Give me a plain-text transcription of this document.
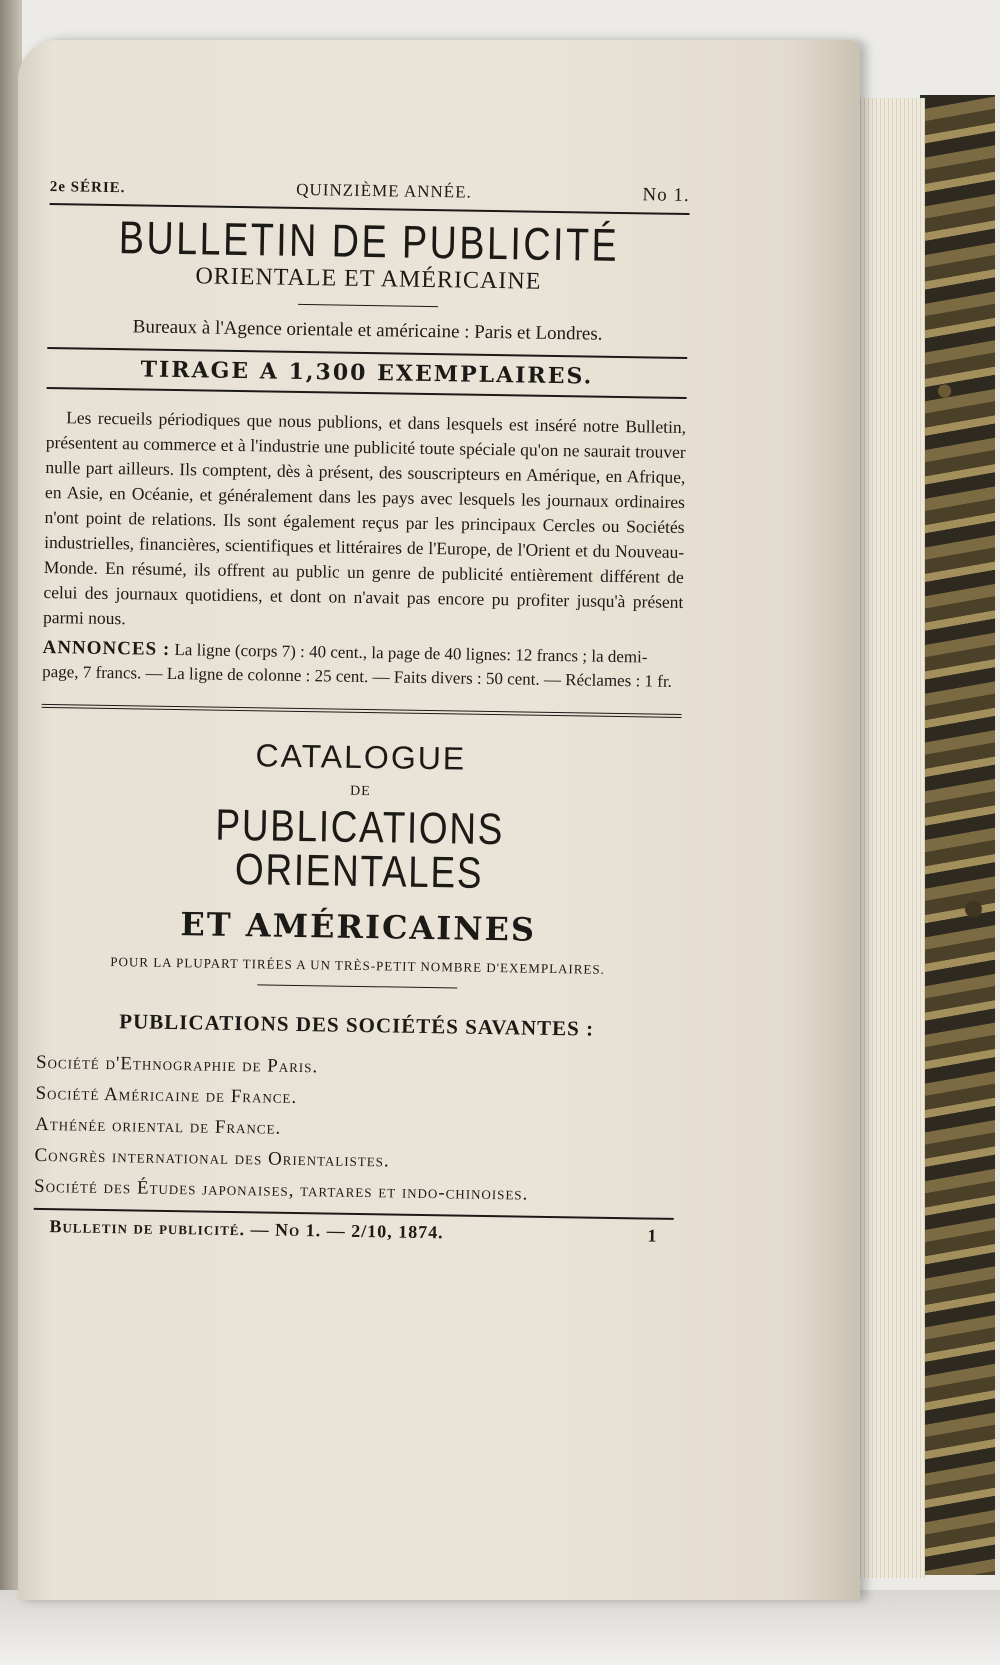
2e SÉRIE.	QUINZIÈME ANNÉE.	No 1.
BULLETIN DE PUBLICITÉ
ORIENTALE ET AMÉRICAINE
Bureaux à l'Agence orientale et américaine : Paris et Londres.
TIRAGE A 1,300 EXEMPLAIRES.
Les recueils périodiques que nous publions, et dans lesquels est inséré notre Bulletin, présentent au commerce et à l'industrie une publicité toute spéciale qu'on ne saurait trouver nulle part ailleurs. Ils comptent, dès à présent, des souscripteurs en Amérique, en Afrique, en Asie, en Océanie, et généralement dans les pays avec lesquels les journaux ordinaires n'ont point de relations. Ils sont également reçus par les principaux Cercles ou Sociétés industrielles, financières, scientifiques et littéraires de l'Europe, de l'Orient et du Nouveau-Monde. En résumé, ils offrent au public un genre de publicité entièrement différent de celui des journaux quotidiens, et dont on n'avait pas encore pu profiter jusqu'à présent parmi nous.
ANNONCES : La ligne (corps 7) : 40 cent., la page de 40 lignes: 12 francs ; la demi-page, 7 francs. — La ligne de colonne : 25 cent. — Faits divers : 50 cent. — Réclames : 1 fr.
CATALOGUE
DE
PUBLICATIONS ORIENTALES
ET AMÉRICAINES
POUR LA PLUPART TIRÉES A UN TRÈS-PETIT NOMBRE D'EXEMPLAIRES.
PUBLICATIONS DES SOCIÉTÉS SAVANTES :
Société d'Ethnographie de Paris.
Société Américaine de France.
Athénée oriental de France.
Congrès international des Orientalistes.
Société des Études japonaises, tartares et indo-chinoises.
Bulletin de publicité. — No 1. — 2/10, 1874.	1
